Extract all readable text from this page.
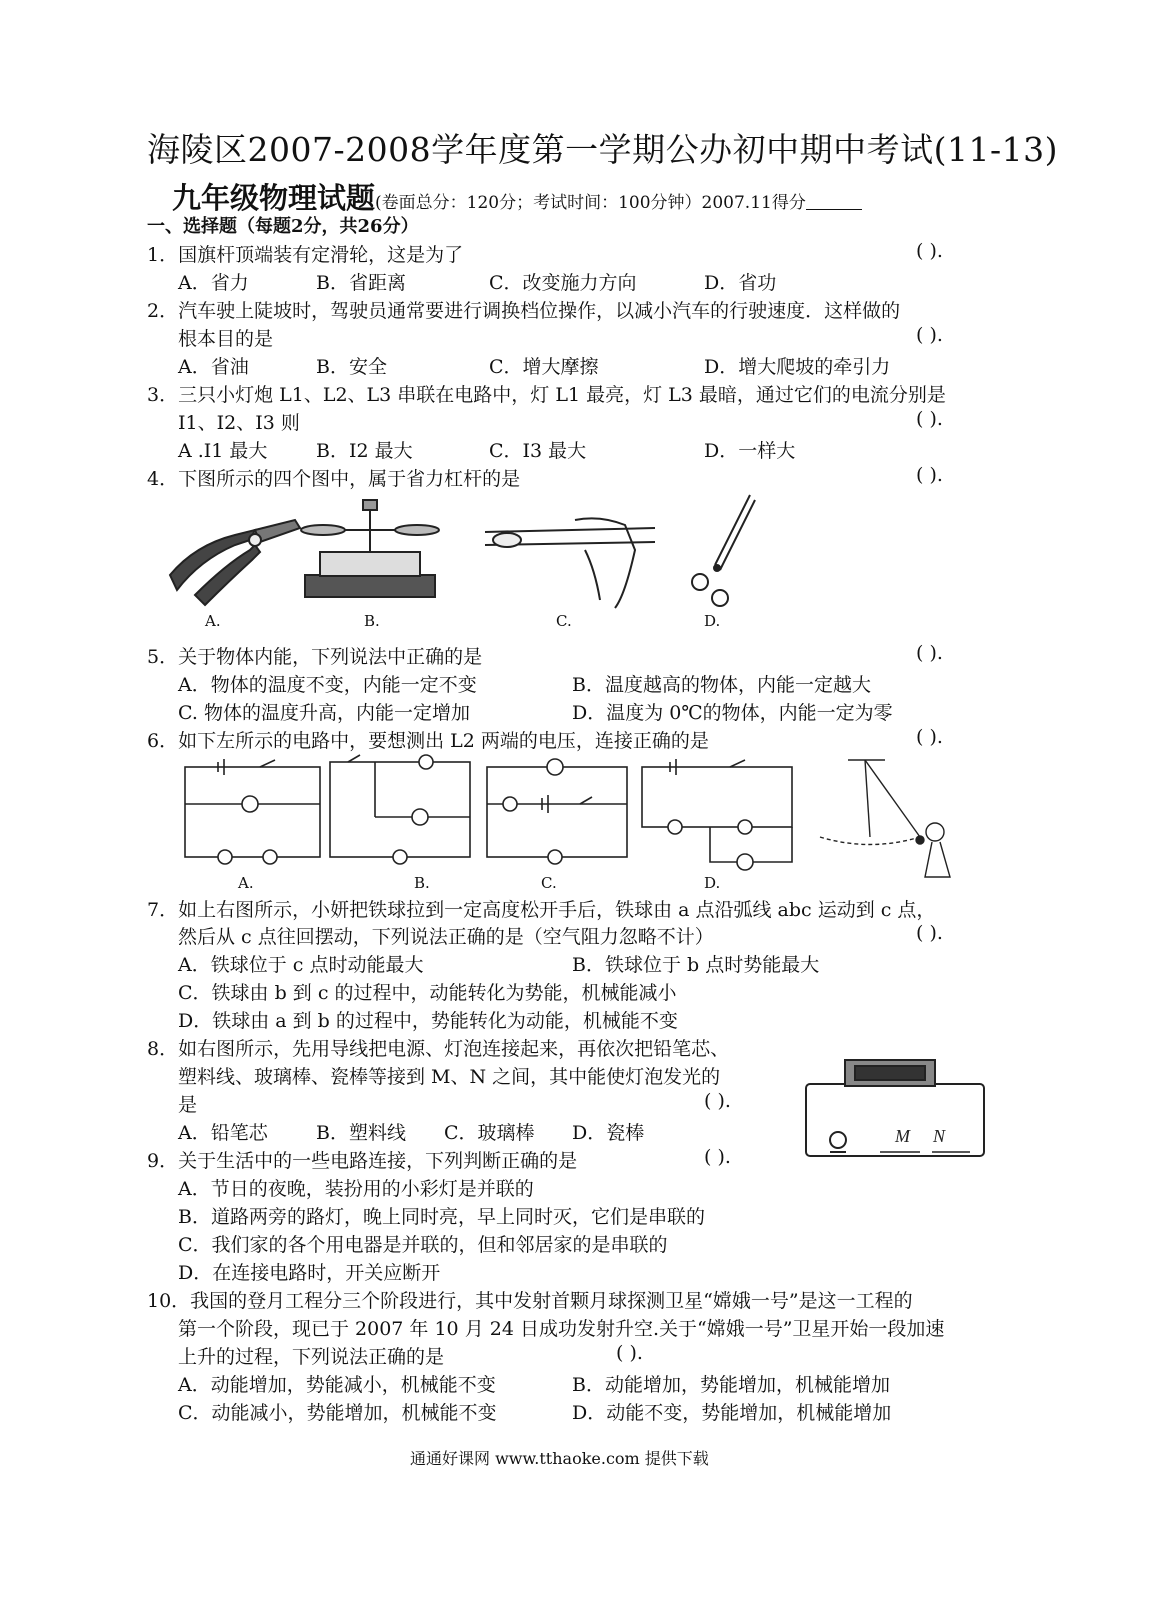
海陵区2007-2008学年度第一学期公办初中期中考试(11-13)
九年级物理试题(卷面总分：120分；考试时间：100分钟）2007.11得分
一、选择题（每题2分，共26分）
1．国旗杆顶端装有定滑轮，这是为了	( ).
A．省力	B．省距离	C．改变施力方向	D．省功
2．汽车驶上陡坡时，驾驶员通常要进行调换档位操作，以减小汽车的行驶速度．这样做的
根本目的是	( ).
A．省油	B．安全	C．增大摩擦	D．增大爬坡的牵引力
3．三只小灯炮 L1、L2、L3 串联在电路中，灯 L1 最亮，灯 L3 最暗，通过它们的电流分别是
I1、I2、I3 则	( ).
A .I1 最大	B．I2 最大	C．I3 最大	D．一样大
4．下图所示的四个图中，属于省力杠杆的是	( ).
A.	B.	C.	D.
5．关于物体内能，下列说法中正确的是	( ).
A．物体的温度不变，内能一定不变	B．温度越高的物体，内能一定越大
C. 物体的温度升高，内能一定增加	D．温度为 0℃的物体，内能一定为零
6．如下左所示的电路中，要想测出 L2 两端的电压，连接正确的是	( ).
A.	B.	C.	D.
7．如上右图所示，小妍把铁球拉到一定高度松开手后，铁球由 a 点沿弧线 abc 运动到 c 点，
然后从 c 点往回摆动，下列说法正确的是（空气阻力忽略不计）	( ).
A．铁球位于 c 点时动能最大	B．铁球位于 b 点时势能最大
C．铁球由 b 到 c 的过程中，动能转化为势能，机械能减小
D．铁球由 a 到 b 的过程中，势能转化为动能，机械能不变
8．如右图所示，先用导线把电源、灯泡连接起来，再依次把铅笔芯、
塑料线、玻璃棒、瓷棒等接到 M、N 之间，其中能使灯泡发光的
是	( ).
A．铅笔芯	B．塑料线 C．玻璃棒 D．瓷棒	M N
9．关于生活中的一些电路连接，下列判断正确的是	( ).
A．节日的夜晚，装扮用的小彩灯是并联的
B．道路两旁的路灯，晚上同时亮，早上同时灭，它们是串联的
C．我们家的各个用电器是并联的，但和邻居家的是串联的
D．在连接电路时，开关应断开
10．我国的登月工程分三个阶段进行，其中发射首颗月球探测卫星“嫦娥一号”是这一工程的
第一个阶段，现已于 2007 年 10 月 24 日成功发射升空.关于“嫦娥一号”卫星开始一段加速
上升的过程，下列说法正确的是	( ).
A．动能增加，势能减小，机械能不变	B．动能增加，势能增加，机械能增加
C．动能减小，势能增加，机械能不变	D．动能不变，势能增加，机械能增加
通通好课网 www.tthaoke.com 提供下载
